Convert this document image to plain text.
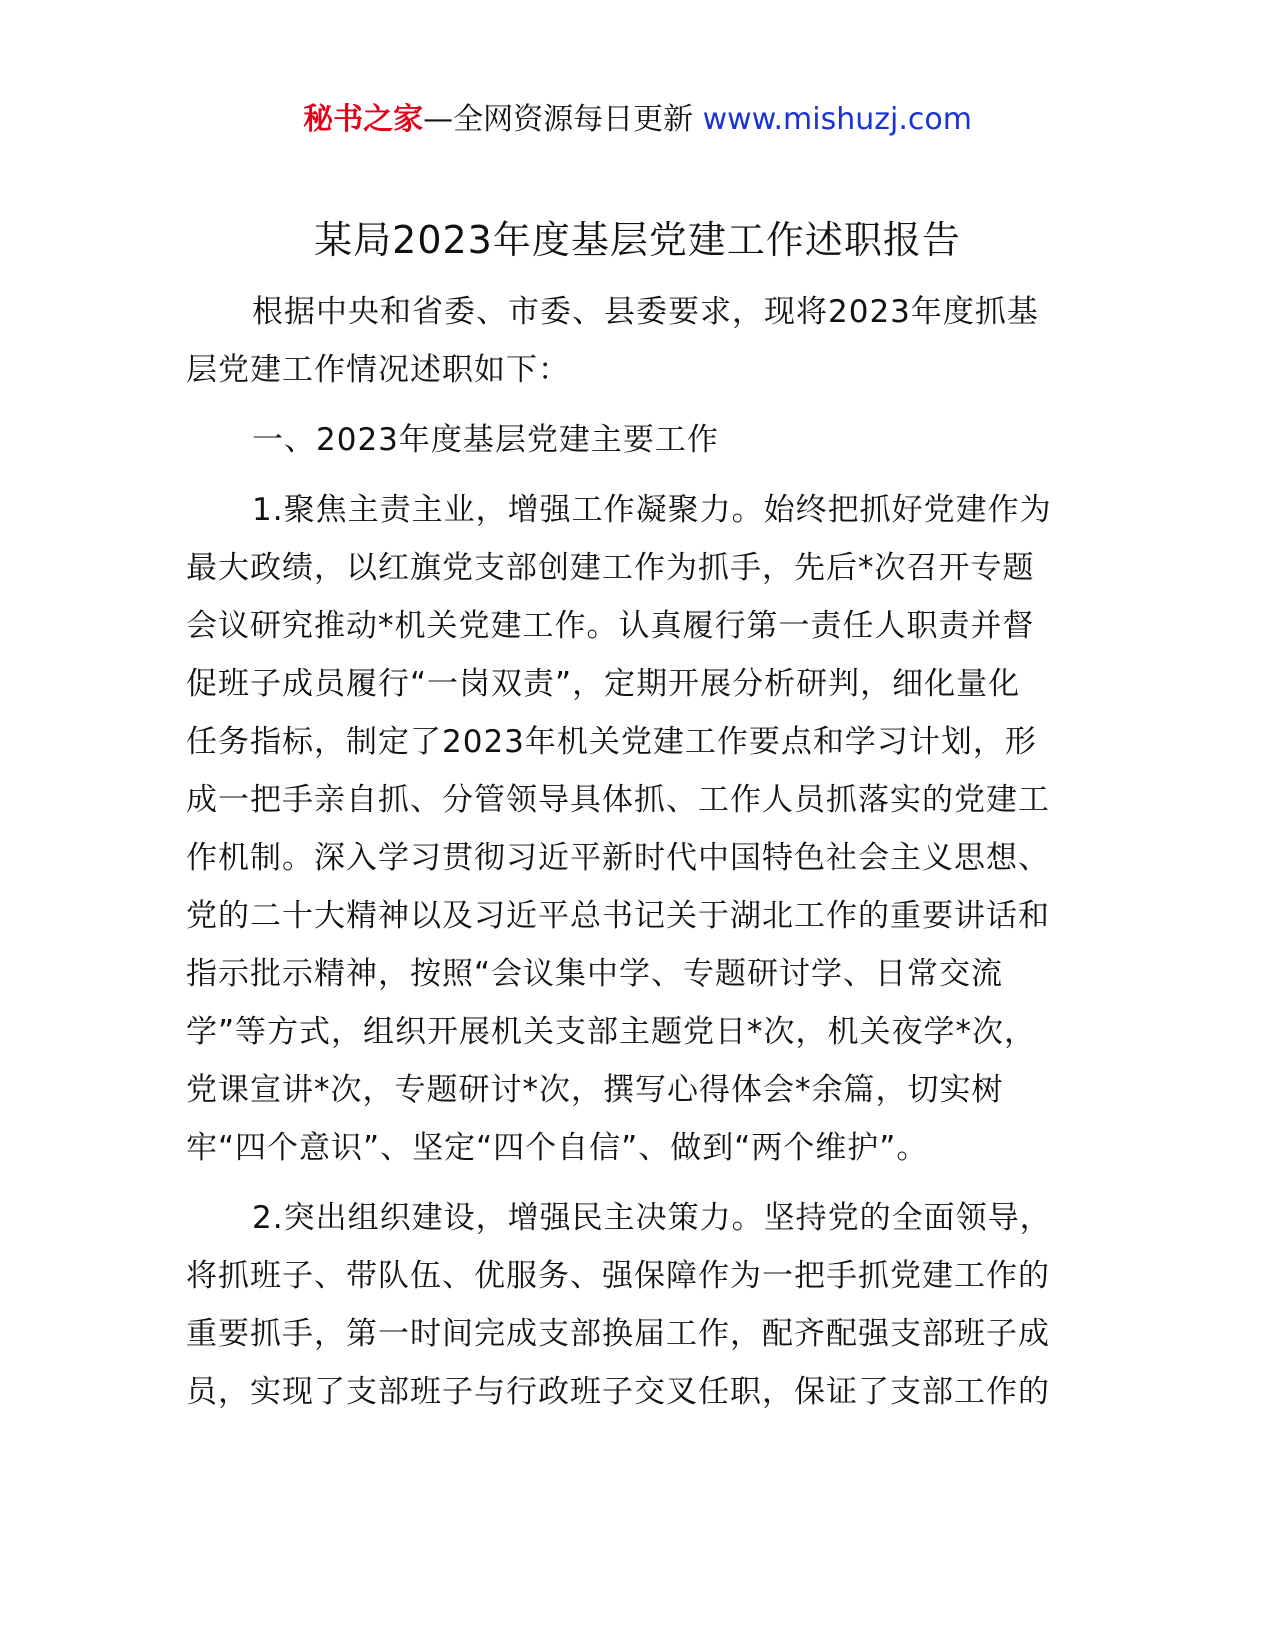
秘书之家—全网资源每日更新 www.mishuzj.com
某局2023年度基层党建工作述职报告
根据中央和省委、市委、县委要求，现将2023年度抓基
层党建工作情况述职如下：
一、2023年度基层党建主要工作
1.聚焦主责主业，增强工作凝聚力。始终把抓好党建作为
最大政绩，以红旗党支部创建工作为抓手，先后*次召开专题
会议研究推动*机关党建工作。认真履行第一责任人职责并督
促班子成员履行“一岗双责”，定期开展分析研判，细化量化
任务指标，制定了2023年机关党建工作要点和学习计划，形
成一把手亲自抓、分管领导具体抓、工作人员抓落实的党建工
作机制。深入学习贯彻习近平新时代中国特色社会主义思想、
党的二十大精神以及习近平总书记关于湖北工作的重要讲话和
指示批示精神，按照“会议集中学、专题研讨学、日常交流
学”等方式，组织开展机关支部主题党日*次，机关夜学*次，
党课宣讲*次，专题研讨*次，撰写心得体会*余篇，切实树
牢“四个意识”、坚定“四个自信”、做到“两个维护”。
2.突出组织建设，增强民主决策力。坚持党的全面领导，
将抓班子、带队伍、优服务、强保障作为一把手抓党建工作的
重要抓手，第一时间完成支部换届工作，配齐配强支部班子成
员，实现了支部班子与行政班子交叉任职，保证了支部工作的
